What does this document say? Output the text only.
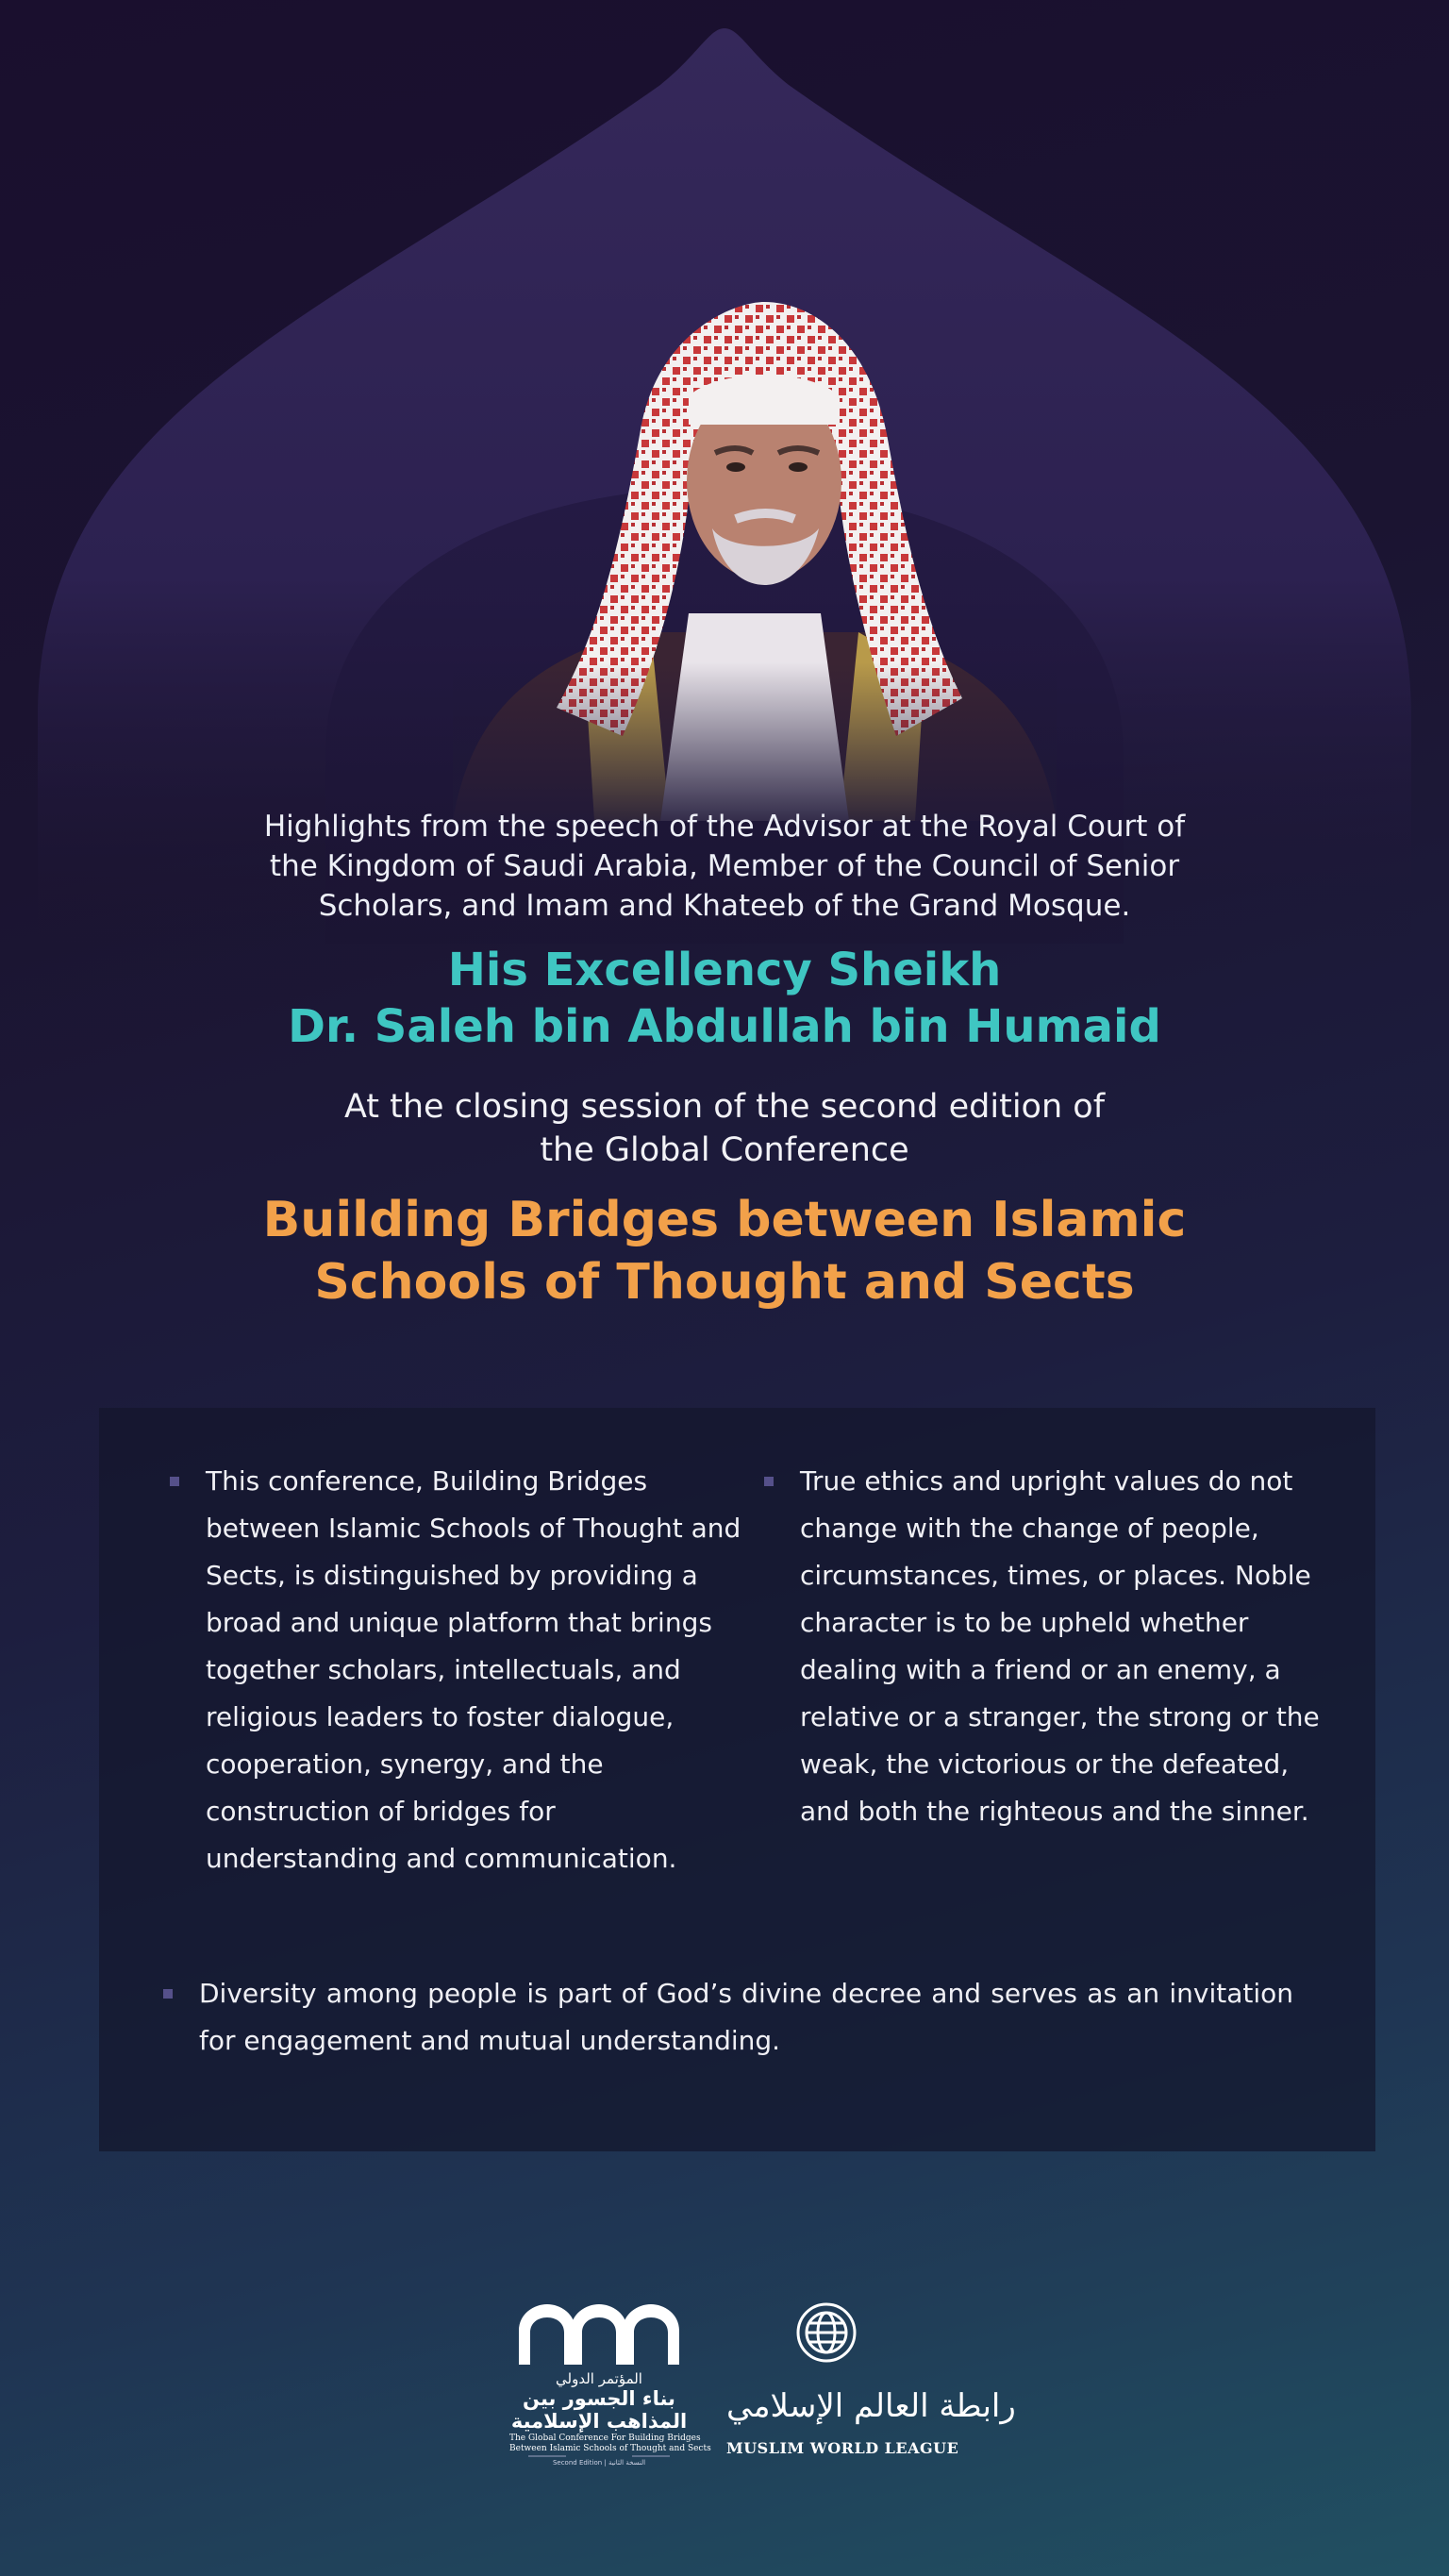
Highlights from the speech of the Advisor at the Royal Court of the Kingdom of Saudi Arabia, Member of the Council of Senior Scholars, and Imam and Khateeb of the Grand Mosque.

His Excellency Sheikh
Dr. Saleh bin Abdullah bin Humaid

At the closing session of the second edition of
the Global Conference

Building Bridges between Islamic
Schools of Thought and Sects
This conference, Building Bridges between Islamic Schools of Thought and Sects, is distinguished by providing a broad and unique platform that brings together scholars, intellectuals, and religious leaders to foster dialogue, cooperation, synergy, and the construction of bridges for understanding and communication.
True ethics and upright values do not change with the change of people, circumstances, times, or places. Noble character is to be upheld whether dealing with a friend or an enemy, a relative or a stranger, the strong or the weak, the victorious or the defeated, and both the righteous and the sinner.
Diversity among people is part of God’s divine decree and serves as an invitation for engagement and mutual understanding.
المؤتمر الدولي
بناء الجسور بين
المذاهب الإسلامية
The Global Conference For Building Bridges
Between Islamic Schools of Thought and Sects
Second Edition | النسخة الثانية
رابطة العالم الإسلامي
MUSLIM WORLD LEAGUE
